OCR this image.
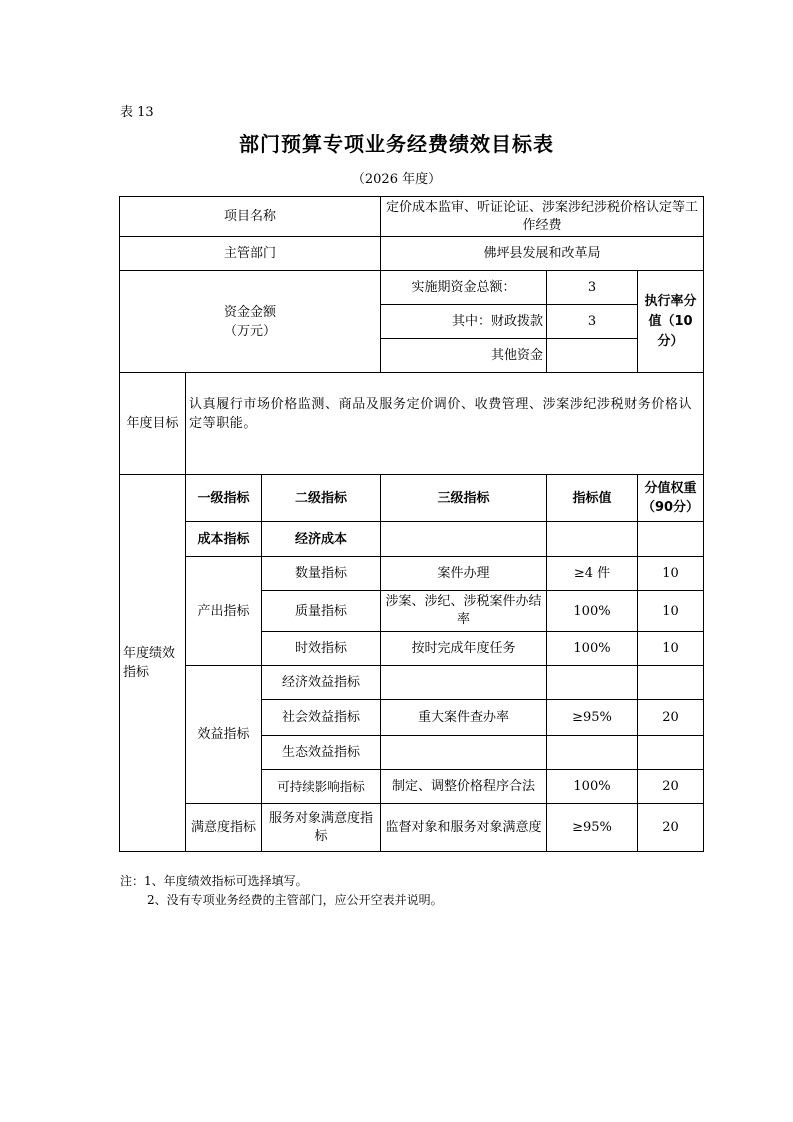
表 13
部门预算专项业务经费绩效目标表
（2026 年度）
项目名称			定价成本监审、听证论证、涉案涉纪涉税价格认定等工作经费		
主管部门			佛坪县发展和改革局		

资金金额
（万元）			实施期资金总额：	3	执行率分值（10分）
			其中：财政拨款	3	
			其他资金		
年度目标	认真履行市场价格监测、商品及服务定价调价、收费管理、涉案涉纪涉税财务价格认定等职能。				
年度绩效指标	一级指标	二级指标	三级指标	指标值	分值权重（90分）
	成本指标	经济成本			
	产出指标	数量指标	案件办理	≥4 件	10
		质量指标	涉案、涉纪、涉税案件办结率	100%	10
		时效指标	按时完成年度任务	100%	10
	效益指标	经济效益指标			
		社会效益指标	重大案件查办率	≥95%	20
		生态效益指标			
		可持续影响指标	制定、调整价格程序合法	100%	20
	满意度指标	服务对象满意度指标	监督对象和服务对象满意度	≥95%	20
注：1、年度绩效指标可选择填写。
2、没有专项业务经费的主管部门，应公开空表并说明。
